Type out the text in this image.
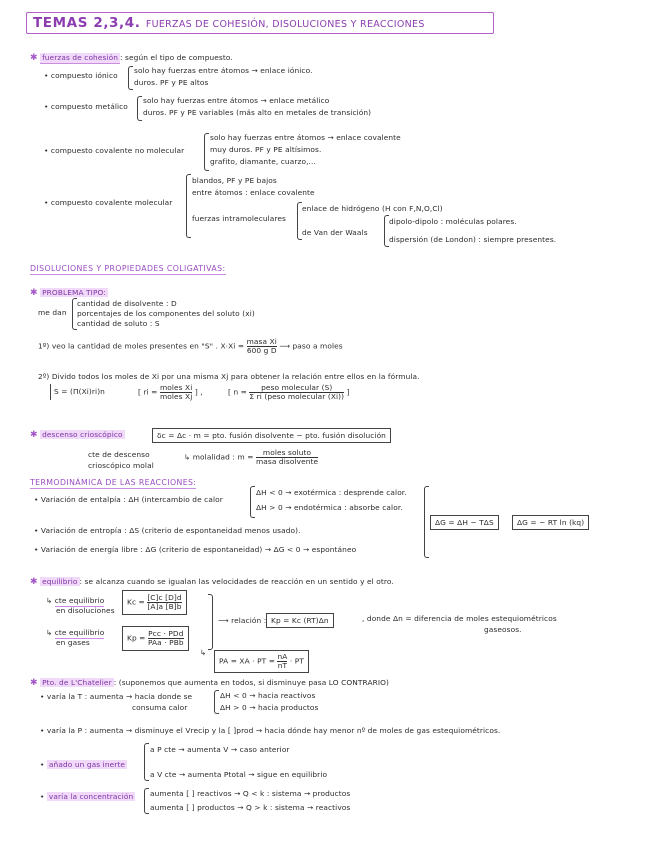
TEMAS 2,3,4. FUERZAS DE COHESIÓN, DISOLUCIONES Y REACCIONES
✱ fuerzas de cohesión : según el tipo de compuesto.
• compuesto iónico
solo hay fuerzas entre átomos → enlace iónico.
duros. PF y PE altos
• compuesto metálico
solo hay fuerzas entre átomos → enlace metálico
duros. PF y PE variables (más alto en metales de transición)
• compuesto covalente no molecular
solo hay fuerzas entre átomos → enlace covalente
muy duros. PF y PE altísimos.
grafito, diamante, cuarzo,...
• compuesto covalente molecular
blandos, PF y PE bajos
entre átomos : enlace covalente
fuerzas intramoleculares
enlace de hidrógeno (H con F,N,O,Cl)
de Van der Waals
dipolo-dipolo : moléculas polares.
dispersión (de London) : siempre presentes.
DISOLUCIONES Y PROPIEDADES COLIGATIVAS:
✱ PROBLEMA TIPO:
me dan
cantidad de disolvente : D
porcentajes de los componentes del soluto (xi)
cantidad de soluto : S
1º) veo la cantidad de moles presentes en "S" . $X\cdot Xi = \frac{\text{masa Xi}}{\text{600 g D}}$ ⟶ paso a moles
2º) Divido todos los moles de Xi por una misma Xj para obtener la relación entre ellos en la fórmula.
S = (Π(Xi)ri)n	[ ri = $\frac{\text{moles Xi}}{\text{moles Xj}}$ ] ,	[ $n = \frac{\text{peso molecular (S)}}{\text{Σ ri (peso molecular (Xi))}}$ ]
✱ descenso crioscópico	δc = Δc · m = pto. fusión disolvente − pto. fusión disolución
cte de descenso
crioscópico molal
↳ molalidad : $m = \frac{\text{moles soluto}}{\text{masa disolvente}}$
TERMODINÁMICA DE LAS REACCIONES:
• Variación de entalpía : ΔH (intercambio de calor
ΔH < 0 → exotérmica : desprende calor.
ΔH > 0 → endotérmica : absorbe calor.
• Variación de entropía : ΔS (criterio de espontaneidad menos usado).
• Variación de energía libre : ΔG (criterio de espontaneidad) → ΔG < 0 → espontáneo
ΔG = ΔH − TΔS	ΔG = − RT ln (kq)
✱ equilibrio : se alcanza cuando se igualan las velocidades de reacción en un sentido y el otro.
↳ cte equilibrio
en disoluciones
$Kc = \frac{[C]c [D]d}{[A]a [B]b}$
↳ cte equilibrio
en gases	$Kp = \frac{\text{Pcc · PDd}}{\text{PAa · PBb}}$
⟶ relación : Kp = Kc (RT)Δn	, donde Δn = diferencia de moles estequiométricos
gaseosos.
↳
PA = XA · PT = $\frac{nA}{nT}$ · PT
✱ Pto. de L'Chatelier : (suponemos que aumenta en todos, si disminuye pasa LO CONTRARIO)
• varía la T : aumenta → hacia donde se
consuma calor
ΔH < 0 → hacia reactivos
ΔH > 0 → hacia productos
• varía la P : aumenta → disminuye el Vrecip y la [ ]prod → hacia dónde hay menor nº de moles de gas estequiométricos.
• añado un gas inerte
a P cte → aumenta V → caso anterior
a V cte → aumenta Ptotal → sigue en equilibrio
• varía la concentración aumenta [ ] reactivos → Q < k : sistema → productos
aumenta [ ] productos → Q > k : sistema → reactivos
